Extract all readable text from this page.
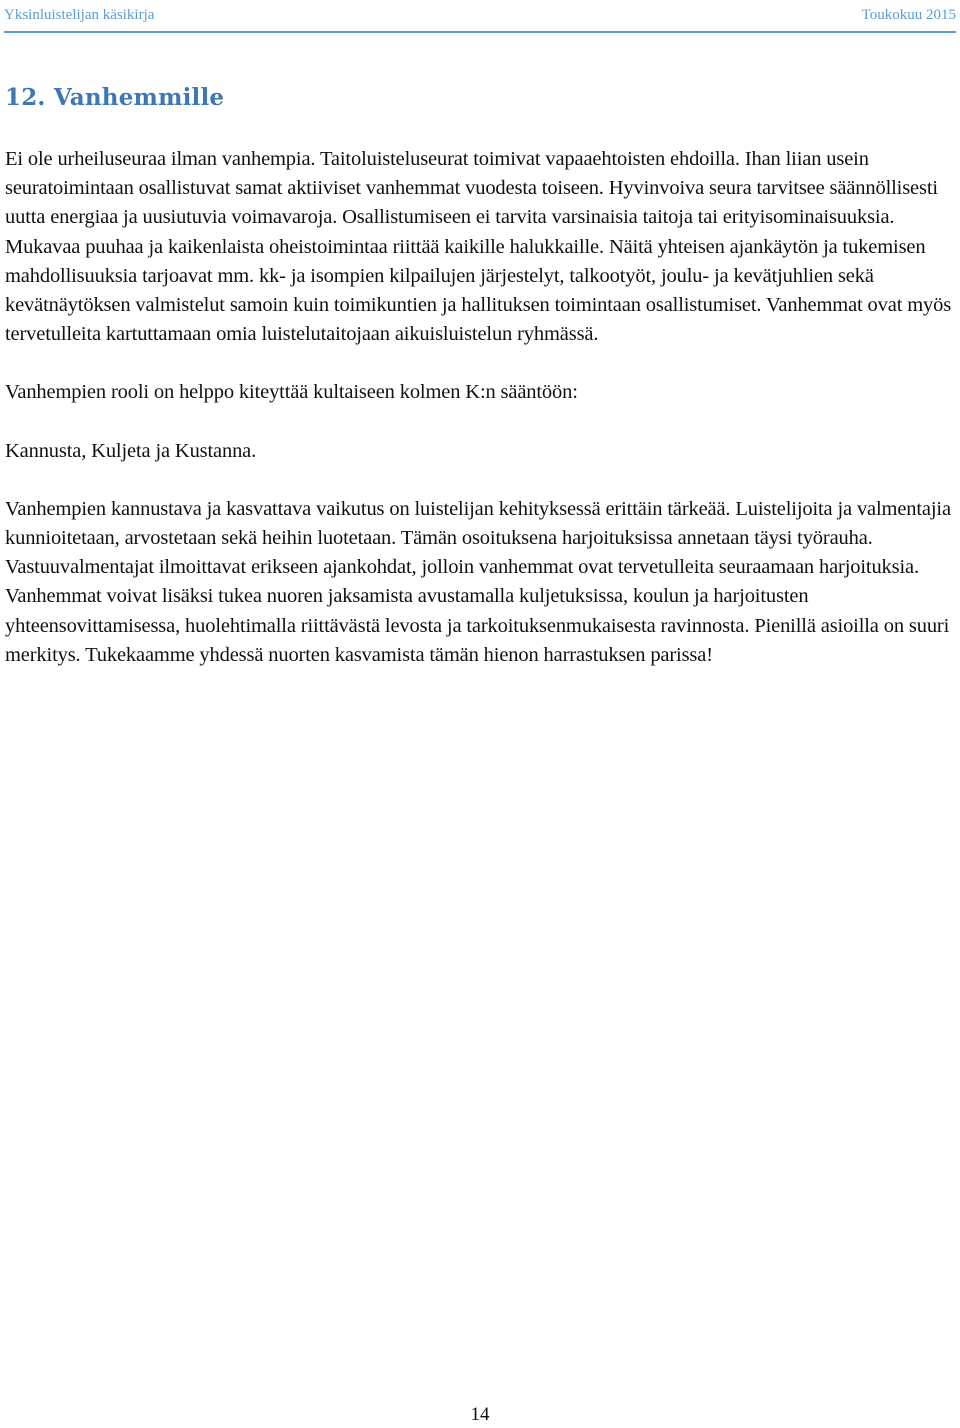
Yksinluistelijan käsikirja	Toukokuu 2015
12. Vanhemmille

Ei ole urheiluseuraa ilman vanhempia. Taitoluisteluseurat toimivat vapaaehtoisten ehdoilla. Ihan liian usein seuratoimintaan osallistuvat samat aktiiviset vanhemmat vuodesta toiseen. Hyvinvoiva seura tarvitsee säännöllisesti uutta energiaa ja uusiutuvia voimavaroja. Osallistumiseen ei tarvita varsinaisia taitoja tai erityisominaisuuksia. Mukavaa puuhaa ja kaikenlaista oheistoimintaa riittää kaikille halukkaille. Näitä yhteisen ajankäytön ja tukemisen mahdollisuuksia tarjoavat mm. kk- ja isompien kilpailujen järjestelyt, talkootyöt, joulu- ja kevätjuhlien sekä kevätnäytöksen valmistelut samoin kuin toimikuntien ja hallituksen toimintaan osallistumiset. Vanhemmat ovat myös tervetulleita kartuttamaan omia luistelutaitojaan aikuisluistelun ryhmässä.

Vanhempien rooli on helppo kiteyttää kultaiseen kolmen K:n sääntöön:

Kannusta, Kuljeta ja Kustanna.

Vanhempien kannustava ja kasvattava vaikutus on luistelijan kehityksessä erittäin tärkeää. Luistelijoita ja valmentajia kunnioitetaan, arvostetaan sekä heihin luotetaan. Tämän osoituksena harjoituksissa annetaan täysi työrauha. Vastuuvalmentajat ilmoittavat erikseen ajankohdat, jolloin vanhemmat ovat tervetulleita seuraamaan harjoituksia. Vanhemmat voivat lisäksi tukea nuoren jaksamista avustamalla kuljetuksissa, koulun ja harjoitusten yhteensovittamisessa, huolehtimalla riittävästä levosta ja tarkoituksenmukaisesta ravinnosta. Pienillä asioilla on suuri merkitys. Tukekaamme yhdessä nuorten kasvamista tämän hienon harrastuksen parissa!

14
